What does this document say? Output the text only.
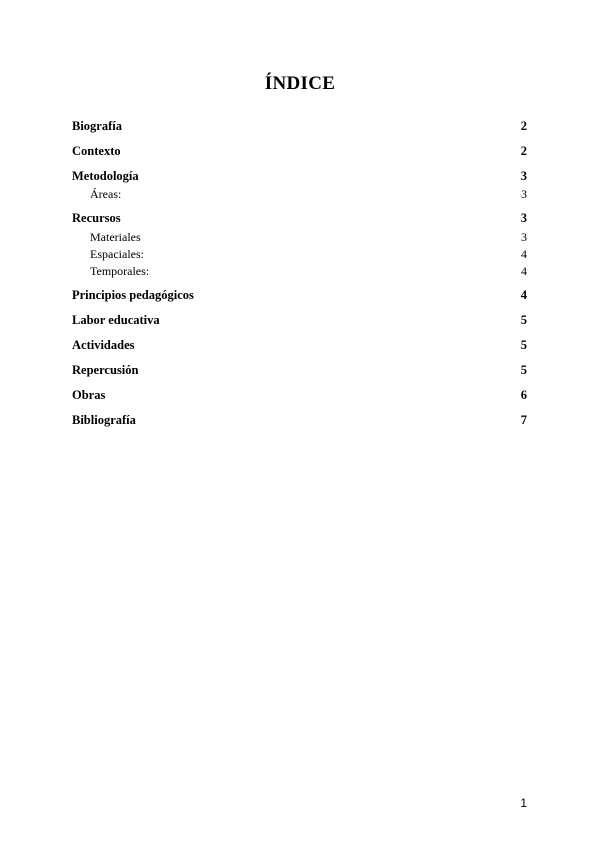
ÍNDICE
Biografía	2
Contexto	2
Metodología	3
Áreas:	3
Recursos	3
Materiales	3
Espaciales:	4
Temporales:	4
Principios pedagógicos	4
Labor educativa	5
Actividades	5
Repercusión	5
Obras	6
Bibliografía	7
1
